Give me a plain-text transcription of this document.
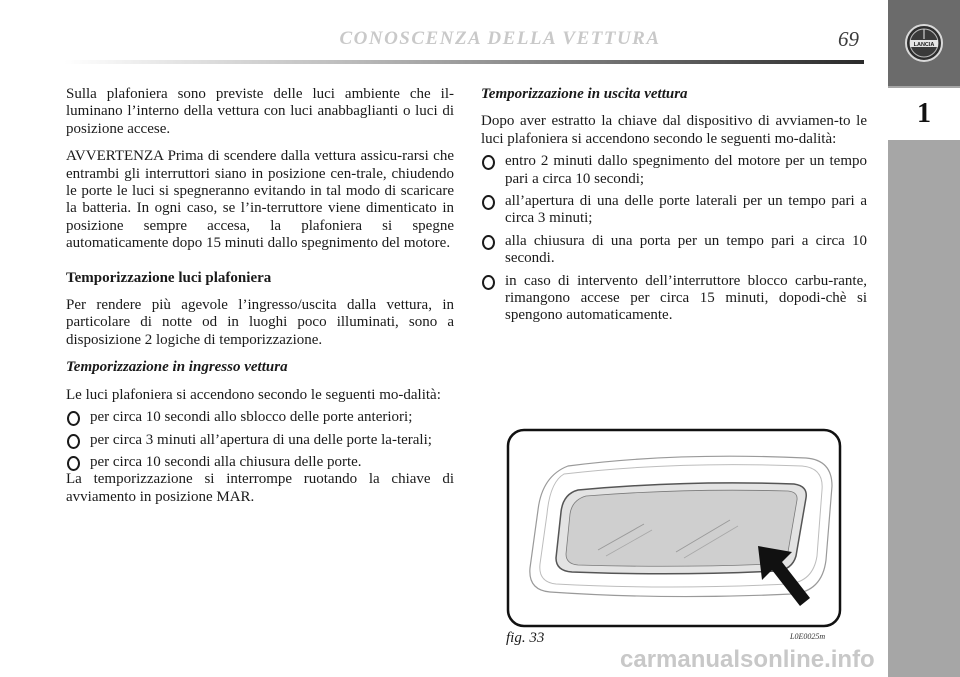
LANCIA
1
CONOSCENZA DELLA VETTURA	69

Sulla plafoniera sono previste delle luci ambiente che il-luminano l’interno della vettura con luci anabbaglianti o luci di posizione accese.

AVVERTENZA Prima di scendere dalla vettura assicu-rarsi che entrambi gli interruttori siano in posizione cen-trale, chiudendo le porte le luci si spegneranno evitando in tal modo di scaricare la batteria. In ogni caso, se l’in-terruttore viene dimenticato in posizione sempre accesa, la plafoniera si spegne automaticamente dopo 15 minuti dallo spegnimento del motore.

Temporizzazione luci plafoniera

Per rendere più agevole l’ingresso/uscita dalla vettura, in particolare di notte od in luoghi poco illuminati, sono a disposizione 2 logiche di temporizzazione.

Temporizzazione in ingresso vettura

Le luci plafoniera si accendono secondo le seguenti mo-dalità:

per circa 10 secondi allo sblocco delle porte anteriori;
per circa 3 minuti all’apertura di una delle porte la-terali;
per circa 10 secondi alla chiusura delle porte.

La temporizzazione si interrompe ruotando la chiave di avviamento in posizione MAR.

Temporizzazione in uscita vettura

Dopo aver estratto la chiave dal dispositivo di avviamen-to le luci plafoniera si accendono secondo le seguenti mo-dalità:

entro 2 minuti dallo spegnimento del motore per un tempo pari a circa 10 secondi;
all’apertura di una delle porte laterali per un tempo pari a circa 3 minuti;
alla chiusura di una porta per un tempo pari a circa 10 secondi.
in caso di intervento dell’interruttore blocco carbu-rante, rimangono accese per circa 15 minuti, dopodi-chè si spengono automaticamente.
fig. 33	L0E0025m
carmanualsonline.info
